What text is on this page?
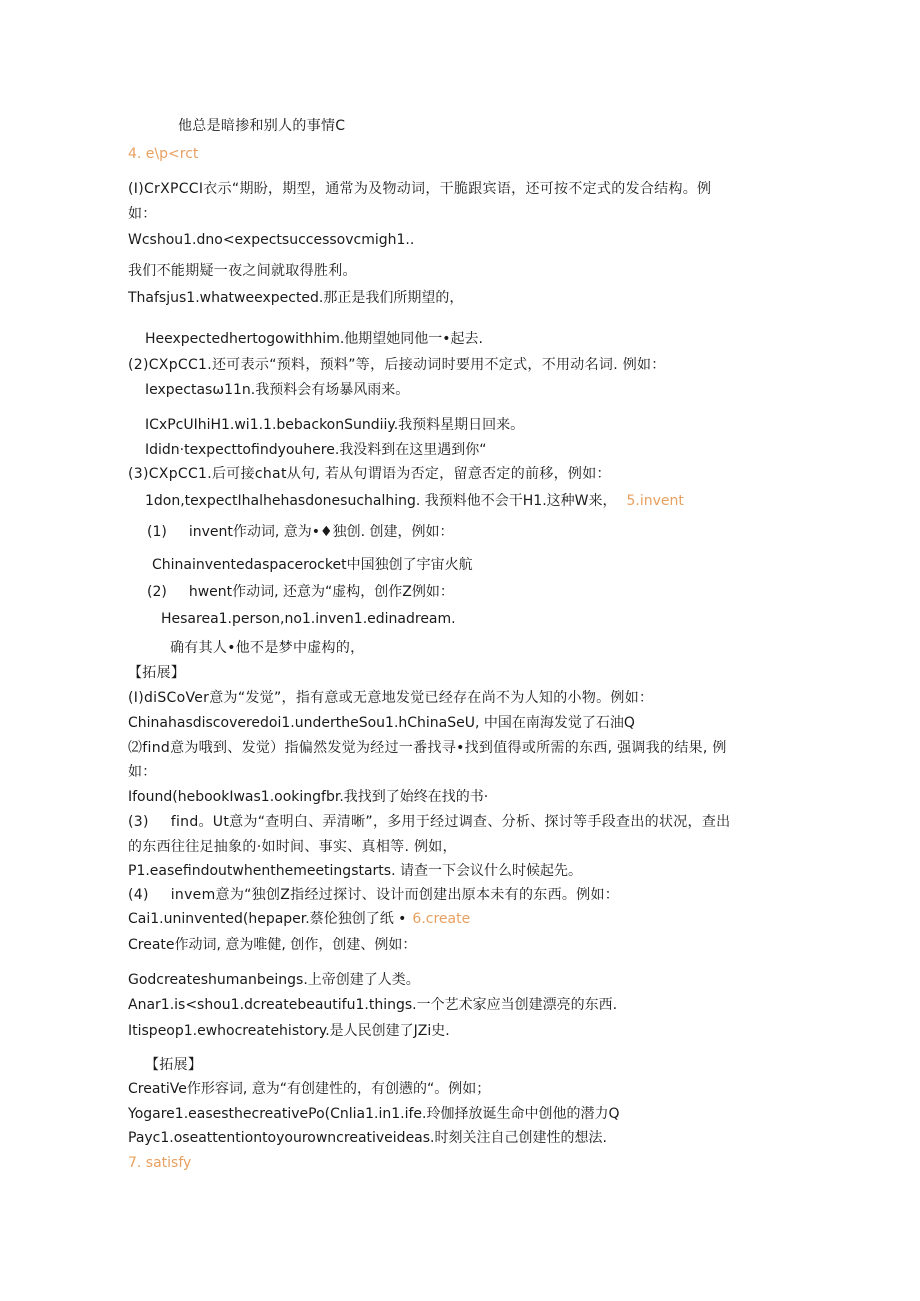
他总是暗掺和别人的事情C
4. e\p<rct
(I)CrXPCCI衣示“期盼，期型，通常为及物动词，干脆跟宾语，还可按不定式的发合结构。例
如：
Wcshou1.dno<expectsuccessovcmigh1..
我们不能期疑一夜之间就取得胜利。
Thafsjus1.whatweexpected.那正是我们所期望的，
Heexpectedhertogowithhim.他期望她同他一•起去.
(2)CXpCC1.还可表示“预料，预料”等，后接动词时要用不定式，不用动名词. 例如：
Iexpectasω11n.我预料会有场暴风雨来。
ICxPcUIhiH1.wi1.1.bebackonSundiiy.我预料星期日回来。
Ididn·texpecttofindyouhere.我没料到在这里遇到你“
(3)CXpCC1.后可接chat从句, 若从句谓语为否定，留意否定的前移，例如：
1don,texpectIhalhehasdonesuchalhing. 我预料他不会干H1.这种W来， 5.invent
(1) invent作动词, 意为•♦独创. 创建，例如：
Chinainventedaspacerocket中国独创了宇宙火航
(2) hwent作动词, 还意为“虚构，创作Z例如：
Hesarea1.person,no1.inven1.edinadream.
确有其人•他不是梦中虚构的，
【拓展】
(I)diSCoVer意为“发觉”，指有意或无意地发觉已经存在尚不为人知的小物。例如：
Chinahasdiscoveredoi1.undertheSou1.hChinaSeU, 中国在南海发觉了石油Q
⑵find意为哦到、发觉）指偏然发觉为经过一番找寻•找到值得或所需的东西, 强调我的结果, 例
如：
Ifound(hebookIwas1.ookingfbr.我找到了始终在找的书·
(3) find。Ut意为“查明白、弄清晰”，多用于经过调查、分析、探讨等手段查出的状况，查出
的东西往往足抽象的·如时间、事实、真相等. 例如，
P1.easefindoutwhenthemeetingstarts. 请查一下会议什么时候起先。
(4) invem意为“独创Z指经过探讨、设计而创建出原本未有的东西。例如：
Cai1.uninvented(hepaper.蔡伦独创了纸 • 6.create
Create作动词, 意为唯健, 创作，创建、例如：
Godcreateshumanbeings.上帝创建了人类。
Anar1.is<shou1.dcreatebeautifu1.things.一个艺术家应当创建漂亮的东西.
Itispeop1.ewhocreatehistory.是人民创建了JZi史.
【拓展】
CreatiVe作形容词, 意为“有创建性的，有创懑的“。例如；
Yogare1.easesthecreativePo(Cnlia1.in1.ife.玲伽择放诞生命中创他的潜力Q
Payc1.oseattentiontoyourowncreativeideas.时刻关注自己创建性的想法.
7. satisfy
